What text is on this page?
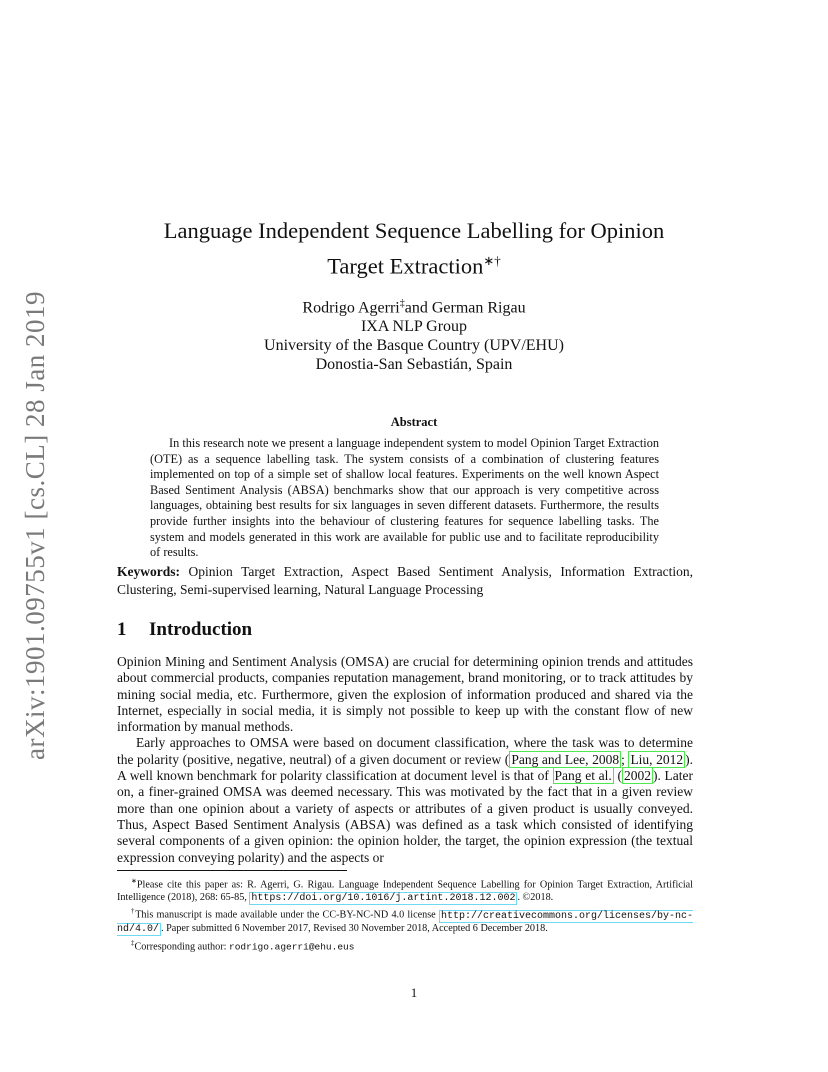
arXiv:1901.09755v1 [cs.CL] 28 Jan 2019
Language Independent Sequence Labelling for Opinion
Target Extraction∗†
Rodrigo Agerri‡and German Rigau
IXA NLP Group
University of the Basque Country (UPV/EHU)
Donostia-San Sebastián, Spain
Abstract
In this research note we present a language independent system to model Opinion Target Extraction (OTE) as a sequence labelling task. The system consists of a combination of clustering features implemented on top of a simple set of shallow local features. Experiments on the well known Aspect Based Sentiment Analysis (ABSA) benchmarks show that our approach is very competitive across languages, obtaining best results for six languages in seven different datasets. Furthermore, the results provide further insights into the behaviour of clustering features for sequence labelling tasks. The system and models generated in this work are available for public use and to facilitate reproducibility of results.
Keywords: Opinion Target Extraction, Aspect Based Sentiment Analysis, Information Extraction, Clustering, Semi-supervised learning, Natural Language Processing
1 Introduction

Opinion Mining and Sentiment Analysis (OMSA) are crucial for determining opinion trends and attitudes about commercial products, companies reputation management, brand monitoring, or to track attitudes by mining social media, etc. Furthermore, given the explosion of information produced and shared via the Internet, especially in social media, it is simply not possible to keep up with the constant flow of new information by manual methods.

Early approaches to OMSA were based on document classification, where the task was to determine the polarity (positive, negative, neutral) of a given document or review ( Pang and Lee, 2008 ; Liu, 2012 ). A well known benchmark for polarity classification at document level is that of Pang et al. ( 2002 ). Later on, a finer-grained OMSA was deemed necessary. This was motivated by the fact that in a given review more than one opinion about a variety of aspects or attributes of a given product is usually conveyed. Thus, Aspect Based Sentiment Analysis (ABSA) was defined as a task which consisted of identifying several components of a given opinion: the opinion holder, the target, the opinion expression (the textual expression conveying polarity) and the aspects or

∗Please cite this paper as: R. Agerri, G. Rigau. Language Independent Sequence Labelling for Opinion Target Extraction, Artificial Intelligence (2018), 268: 65-85, https://doi.org/10.1016/j.artint.2018.12.002 . ©2018.

†This manuscript is made available under the CC-BY-NC-ND 4.0 license http://creativecommons.org/licenses/by-nc-nd/4.0/ . Paper submitted 6 November 2017, Revised 30 November 2018, Accepted 6 December 2018.

‡Corresponding author: rodrigo.agerri@ehu.eus

1
